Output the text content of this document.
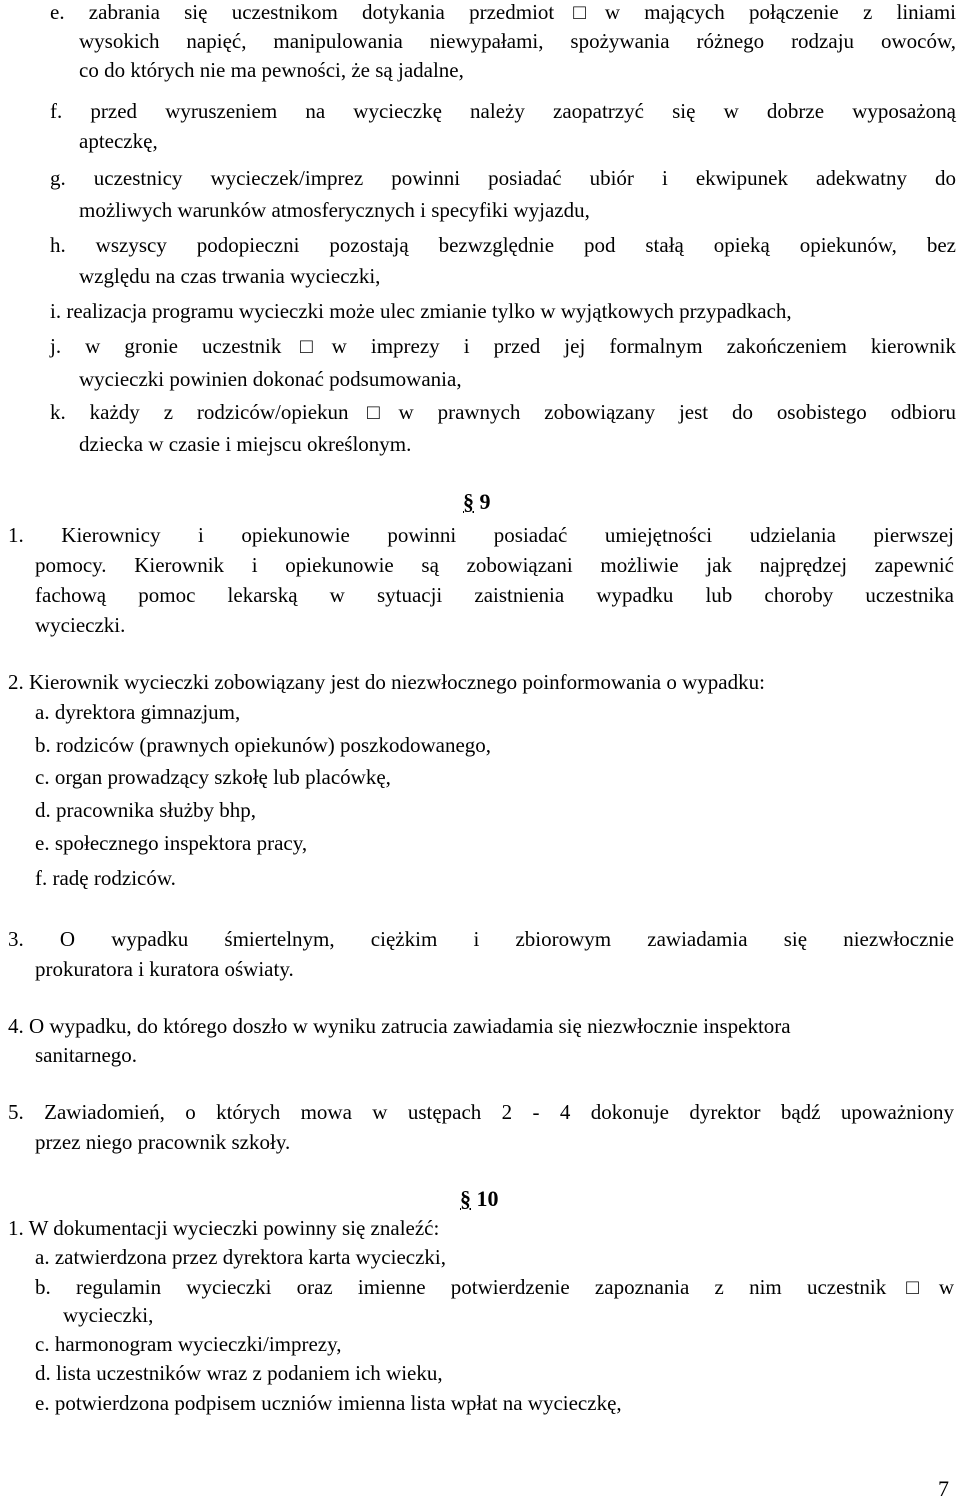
e. zabrania się uczestnikom dotykania przedmiot□w mających połączenie z liniami
wysokich napięć, manipulowania niewypałami, spożywania różnego rodzaju owoców,
co do których nie ma pewności, że są jadalne,
f. przed wyruszeniem na wycieczkę należy zaopatrzyć się w dobrze wyposażoną
apteczkę,
g. uczestnicy wycieczek/imprez powinni posiadać ubiór i ekwipunek adekwatny do
możliwych warunków atmosferycznych i specyfiki wyjazdu,
h. wszyscy podopieczni pozostają bezwzględnie pod stałą opieką opiekunów, bez
względu na czas trwania wycieczki,
i. realizacja programu wycieczki może ulec zmianie tylko w wyjątkowych przypadkach,
j. w gronie uczestnik□w imprezy i przed jej formalnym zakończeniem kierownik
wycieczki powinien dokonać podsumowania,
k. każdy z rodziców/opiekun□w prawnych zobowiązany jest do osobistego odbioru
dziecka w czasie i miejscu określonym.
§ 9
1. Kierownicy i opiekunowie powinni posiadać umiejętności udzielania pierwszej
pomocy. Kierownik i opiekunowie są zobowiązani możliwie jak najprędzej zapewnić
fachową pomoc lekarską w sytuacji zaistnienia wypadku lub choroby uczestnika
wycieczki.
2. Kierownik wycieczki zobowiązany jest do niezwłocznego poinformowania o wypadku:
a. dyrektora gimnazjum,
b. rodziców (prawnych opiekunów) poszkodowanego,
c. organ prowadzący szkołę lub placówkę,
d. pracownika służby bhp,
e. społecznego inspektora pracy,
f. radę rodziców.
3. O wypadku śmiertelnym, ciężkim i zbiorowym zawiadamia się niezwłocznie
prokuratora i kuratora oświaty.
4. O wypadku, do którego doszło w wyniku zatrucia zawiadamia się niezwłocznie inspektora
sanitarnego.
5. Zawiadomień, o których mowa w ustępach 2 - 4 dokonuje dyrektor bądź upoważniony
przez niego pracownik szkoły.
§ 10
1. W dokumentacji wycieczki powinny się znaleźć:
a. zatwierdzona przez dyrektora karta wycieczki,
b. regulamin wycieczki oraz imienne potwierdzenie zapoznania z nim uczestnik□w
wycieczki,
c. harmonogram wycieczki/imprezy,
d. lista uczestników wraz z podaniem ich wieku,
e. potwierdzona podpisem uczniów imienna lista wpłat na wycieczkę,
7
